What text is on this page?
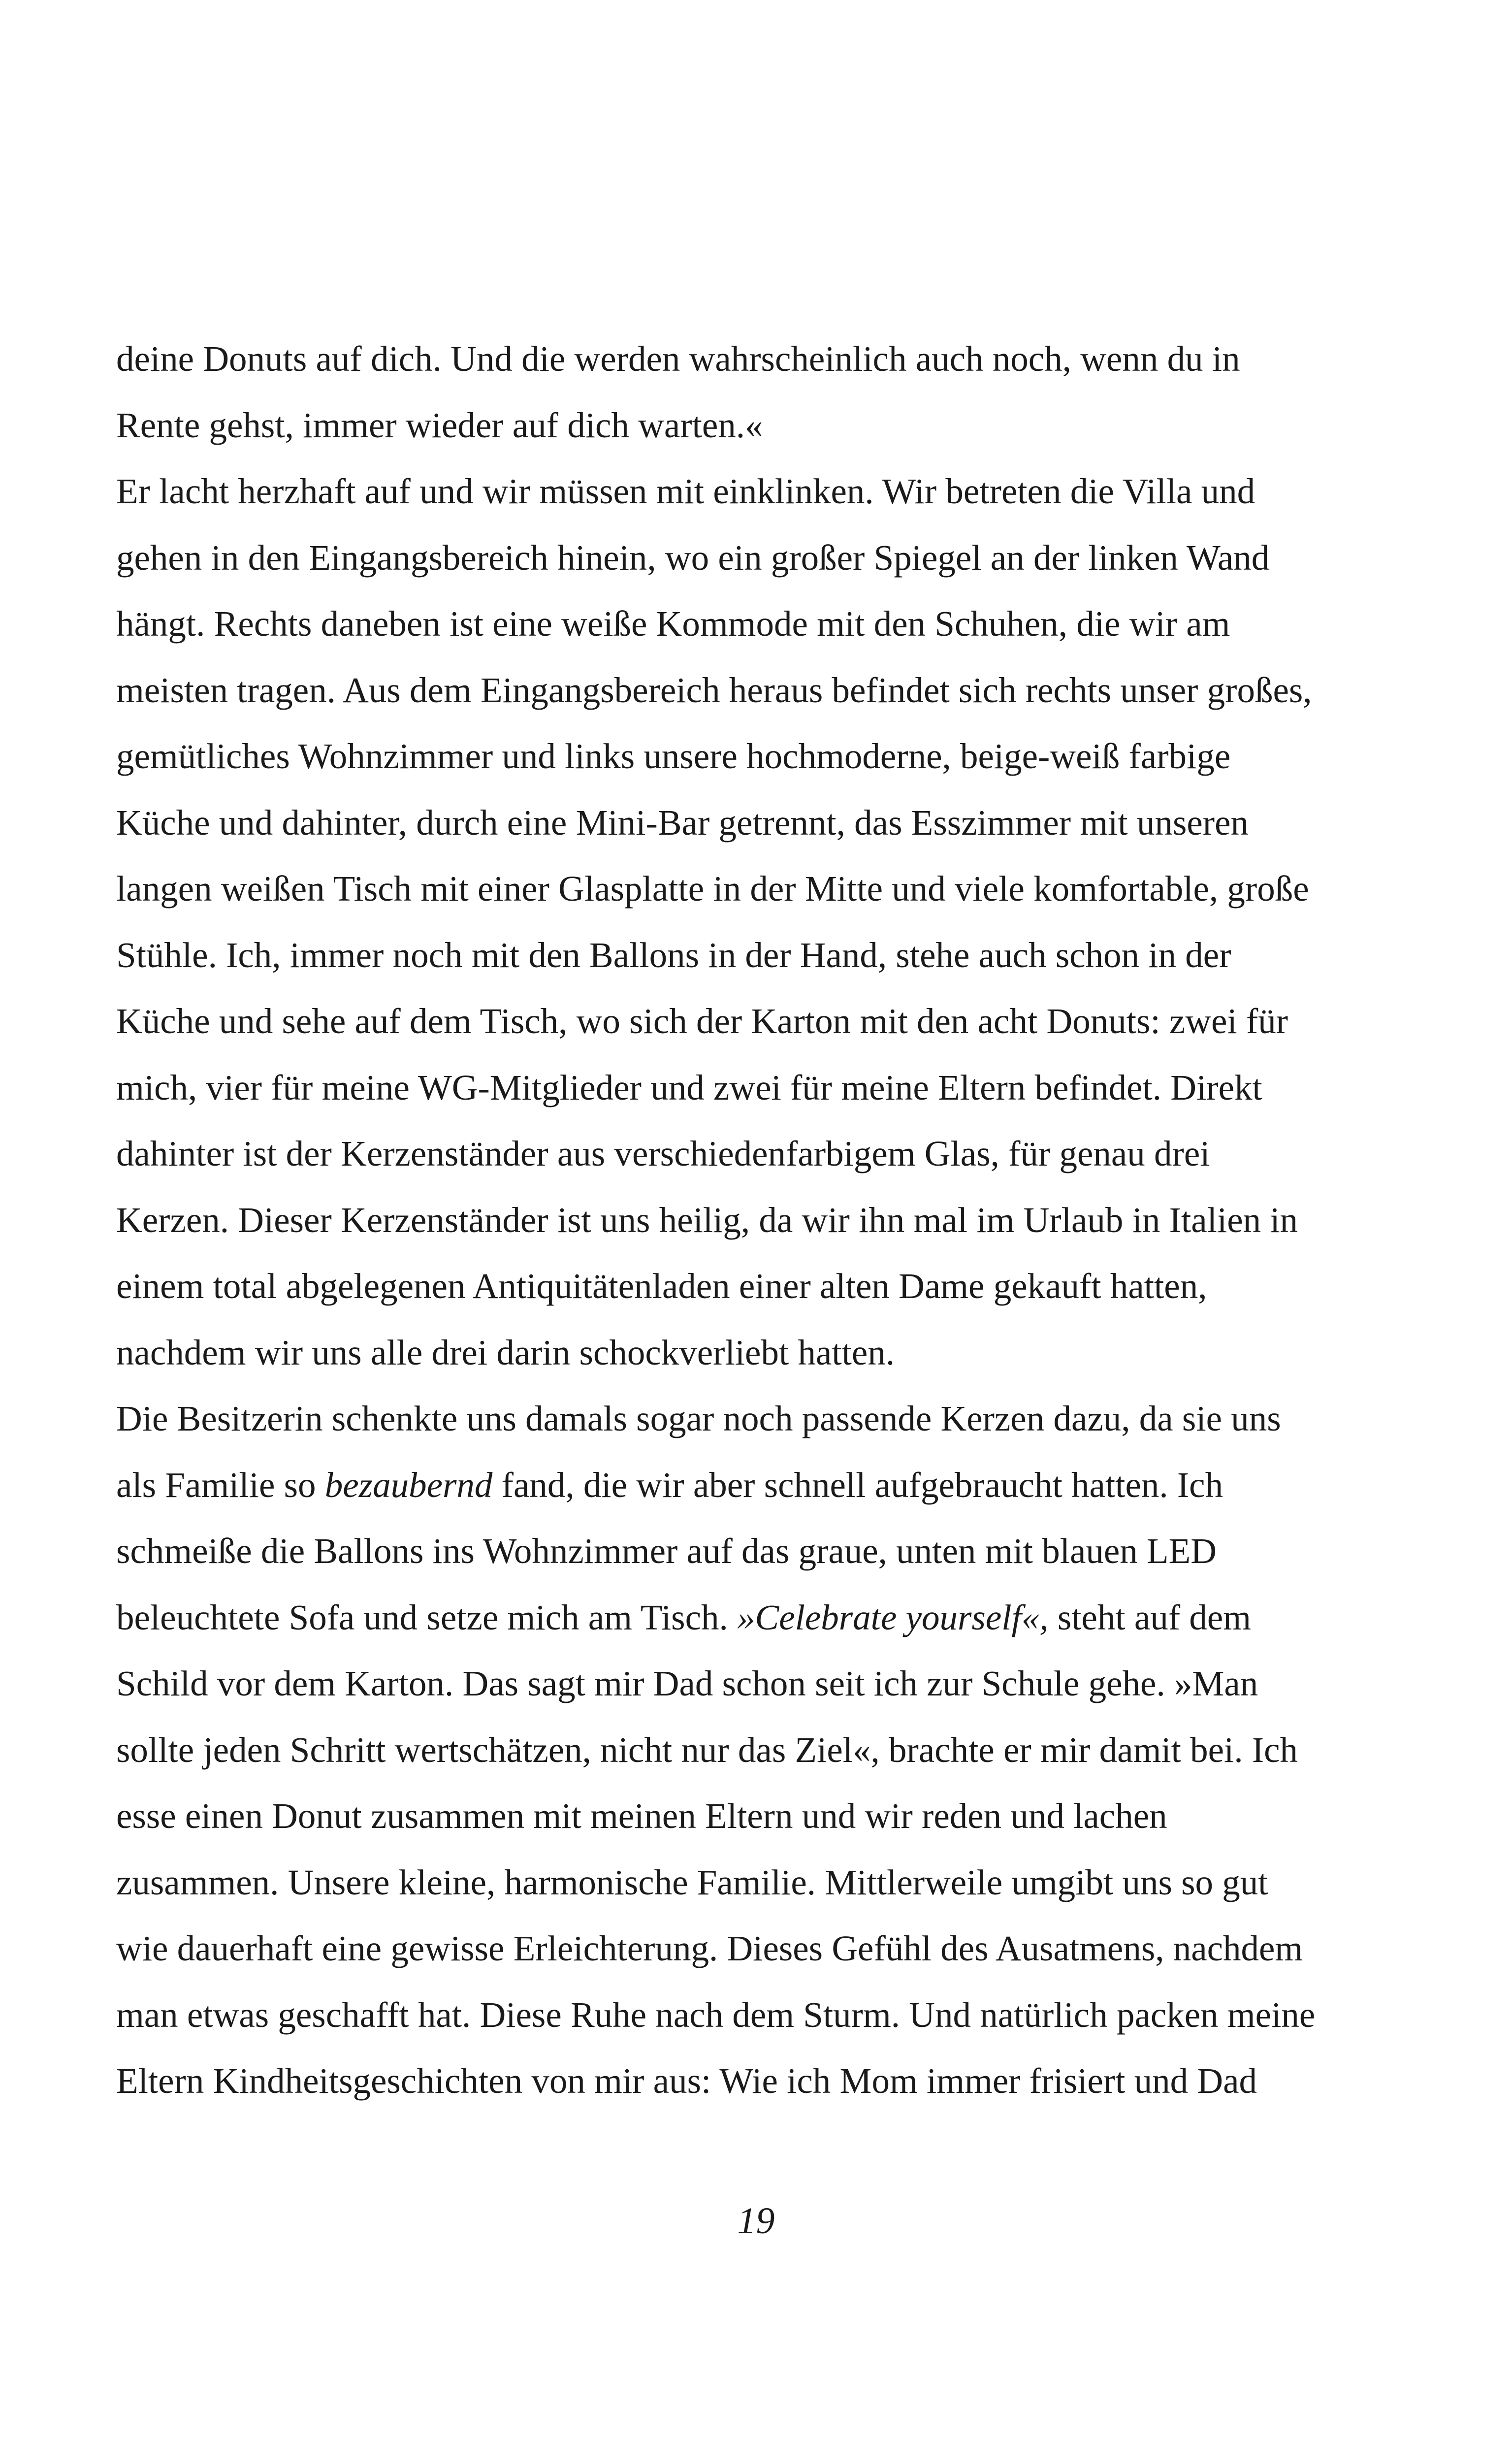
deine Donuts auf dich. Und die werden wahrscheinlich auch noch, wenn du in
Rente gehst, immer wieder auf dich warten.«
Er lacht herzhaft auf und wir müssen mit einklinken. Wir betreten die Villa und
gehen in den Eingangsbereich hinein, wo ein großer Spiegel an der linken Wand
hängt. Rechts daneben ist eine weiße Kommode mit den Schuhen, die wir am
meisten tragen. Aus dem Eingangsbereich heraus befindet sich rechts unser großes,
gemütliches Wohnzimmer und links unsere hochmoderne, beige-weiß farbige
Küche und dahinter, durch eine Mini-Bar getrennt, das Esszimmer mit unseren
langen weißen Tisch mit einer Glasplatte in der Mitte und viele komfortable, große
Stühle. Ich, immer noch mit den Ballons in der Hand, stehe auch schon in der
Küche und sehe auf dem Tisch, wo sich der Karton mit den acht Donuts: zwei für
mich, vier für meine WG-Mitglieder und zwei für meine Eltern befindet. Direkt
dahinter ist der Kerzenständer aus verschiedenfarbigem Glas, für genau drei
Kerzen. Dieser Kerzenständer ist uns heilig, da wir ihn mal im Urlaub in Italien in
einem total abgelegenen Antiquitätenladen einer alten Dame gekauft hatten,
nachdem wir uns alle drei darin schockverliebt hatten.
Die Besitzerin schenkte uns damals sogar noch passende Kerzen dazu, da sie uns
als Familie so bezaubernd fand, die wir aber schnell aufgebraucht hatten. Ich
schmeiße die Ballons ins Wohnzimmer auf das graue, unten mit blauen LED
beleuchtete Sofa und setze mich am Tisch. »Celebrate yourself«, steht auf dem
Schild vor dem Karton. Das sagt mir Dad schon seit ich zur Schule gehe. »Man
sollte jeden Schritt wertschätzen, nicht nur das Ziel«, brachte er mir damit bei. Ich
esse einen Donut zusammen mit meinen Eltern und wir reden und lachen
zusammen. Unsere kleine, harmonische Familie. Mittlerweile umgibt uns so gut
wie dauerhaft eine gewisse Erleichterung. Dieses Gefühl des Ausatmens, nachdem
man etwas geschafft hat. Diese Ruhe nach dem Sturm. Und natürlich packen meine
Eltern Kindheitsgeschichten von mir aus: Wie ich Mom immer frisiert und Dad
19
